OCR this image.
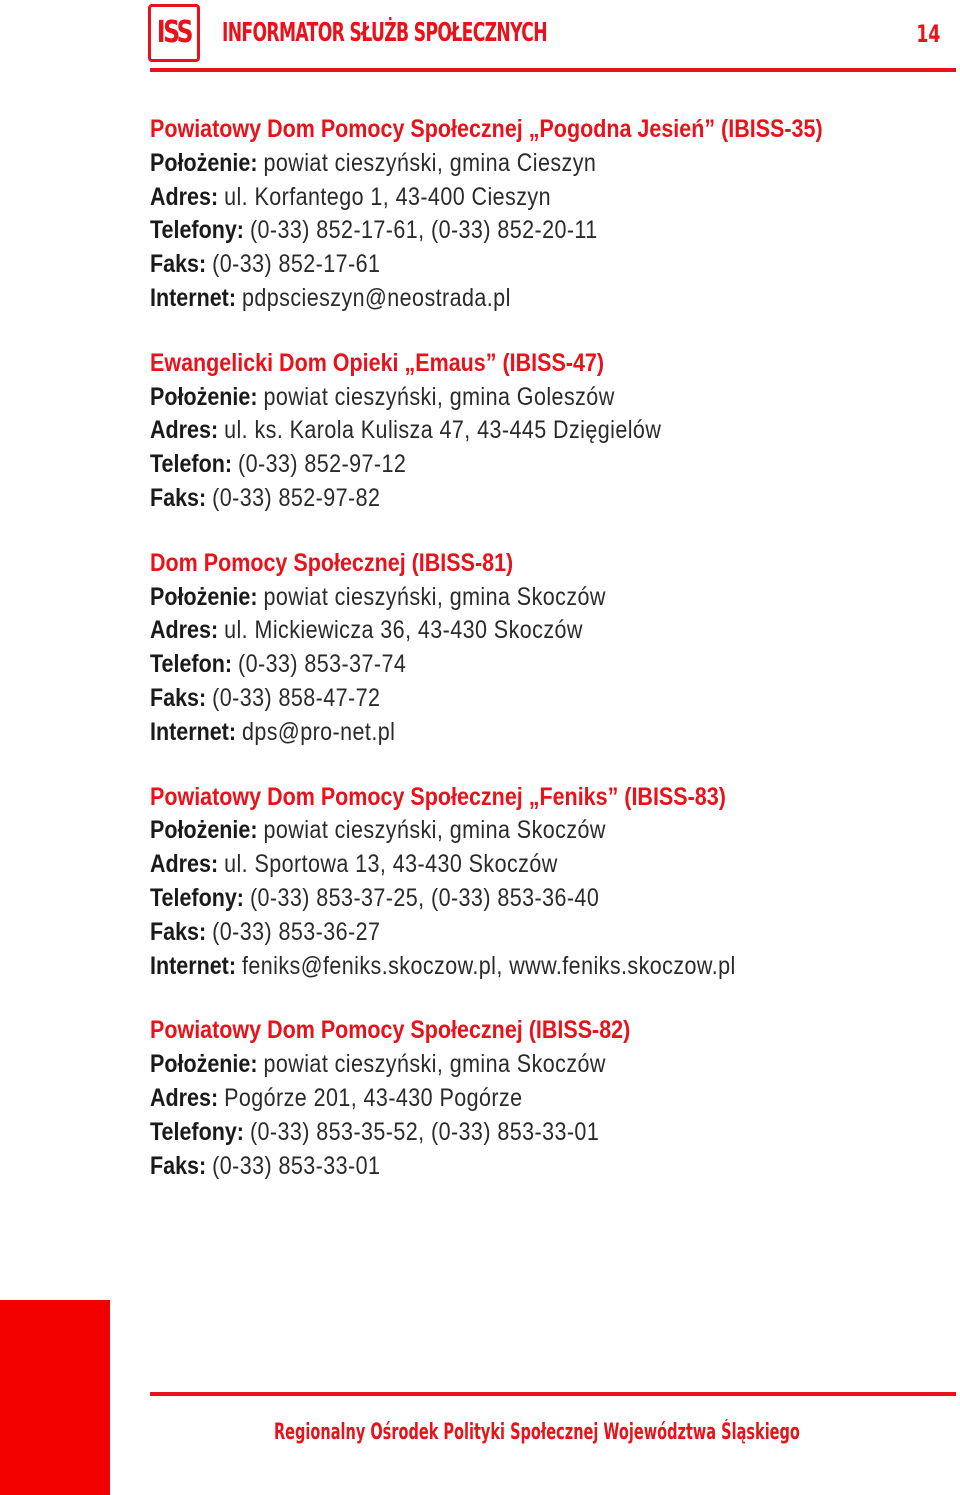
ISS INFORMATOR SŁUŻB SPOŁECZNYCH	14
Powiatowy Dom Pomocy Społecznej „Pogodna Jesień” (IBISS-35)
Położenie: powiat cieszyński, gmina Cieszyn
Adres: ul. Korfantego 1, 43-400 Cieszyn
Telefony: (0-33) 852-17-61, (0-33) 852-20-11
Faks: (0-33) 852-17-61
Internet: pdpscieszyn@neostrada.pl
Ewangelicki Dom Opieki „Emaus” (IBISS-47)
Położenie: powiat cieszyński, gmina Goleszów
Adres: ul. ks. Karola Kulisza 47, 43-445 Dzięgielów
Telefon: (0-33) 852-97-12
Faks: (0-33) 852-97-82
Dom Pomocy Społecznej (IBISS-81)
Położenie: powiat cieszyński, gmina Skoczów
Adres: ul. Mickiewicza 36, 43-430 Skoczów
Telefon: (0-33) 853-37-74
Faks: (0-33) 858-47-72
Internet: dps@pro-net.pl
Powiatowy Dom Pomocy Społecznej „Feniks” (IBISS-83)
Położenie: powiat cieszyński, gmina Skoczów
Adres: ul. Sportowa 13, 43-430 Skoczów
Telefony: (0-33) 853-37-25, (0-33) 853-36-40
Faks: (0-33) 853-36-27
Internet: feniks@feniks.skoczow.pl, www.feniks.skoczow.pl
Powiatowy Dom Pomocy Społecznej (IBISS-82)
Położenie: powiat cieszyński, gmina Skoczów
Adres: Pogórze 201, 43-430 Pogórze
Telefony: (0-33) 853-35-52, (0-33) 853-33-01
Faks: (0-33) 853-33-01
Regionalny Ośrodek Polityki Społecznej Województwa Śląskiego
